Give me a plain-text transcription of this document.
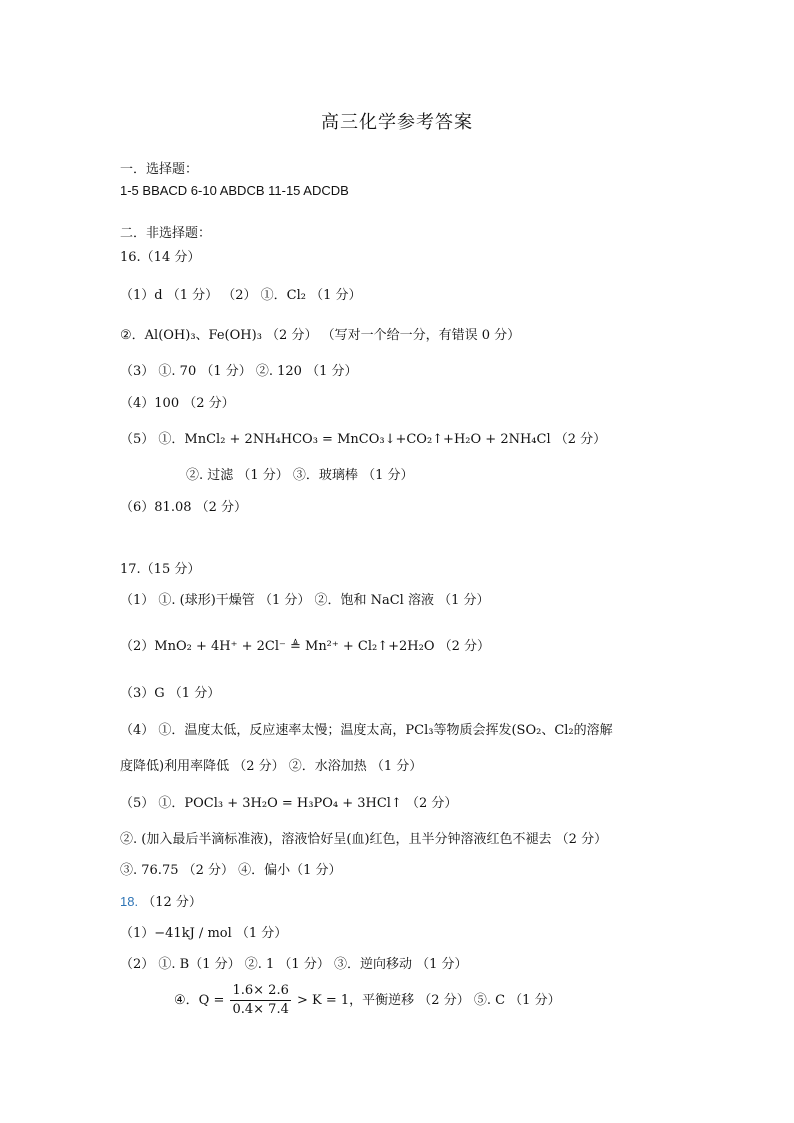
高三化学参考答案
一．选择题：
1-5 BBACD 6-10 ABDCB 11-15 ADCDB
二．非选择题：
16.（14 分）
（1）d （1 分） （2） ①．Cl₂ （1 分）
②．Al(OH)₃、Fe(OH)₃ （2 分） （写对一个给一分，有错误 0 分）
（3） ①. 70 （1 分） ②. 120 （1 分）
（4）100 （2 分）
（5） ①．MnCl₂ + 2NH₄HCO₃ = MnCO₃↓+CO₂↑+H₂O + 2NH₄Cl （2 分）
②. 过滤 （1 分） ③．玻璃棒 （1 分）
（6）81.08 （2 分）
17.（15 分）
（1） ①. (球形)干燥管 （1 分） ②．饱和 NaCl 溶液 （1 分）
（2）MnO₂ + 4H⁺ + 2Cl⁻ ≜ Mn²⁺ + Cl₂↑+2H₂O （2 分）
（3）G （1 分）
（4） ①．温度太低，反应速率太慢；温度太高，PCl₃等物质会挥发(SO₂、Cl₂的溶解
度降低)利用率降低 （2 分） ②．水浴加热 （1 分）
（5） ①．POCl₃ + 3H₂O = H₃PO₄ + 3HCl↑ （2 分）
②. (加入最后半滴标准液)，溶液恰好呈(血)红色，且半分钟溶液红色不褪去 （2 分）
③. 76.75 （2 分） ④．偏小（1 分）
18. （12 分）
（1）−41kJ / mol （1 分）
（2） ①. B（1 分） ②. 1 （1 分） ③．逆向移动 （1 分）
④．$Q = \frac{1.6\times 2.6}{0.4\times 7.4} > K = 1$，平衡逆移 （2 分） ⑤. C （1 分）
